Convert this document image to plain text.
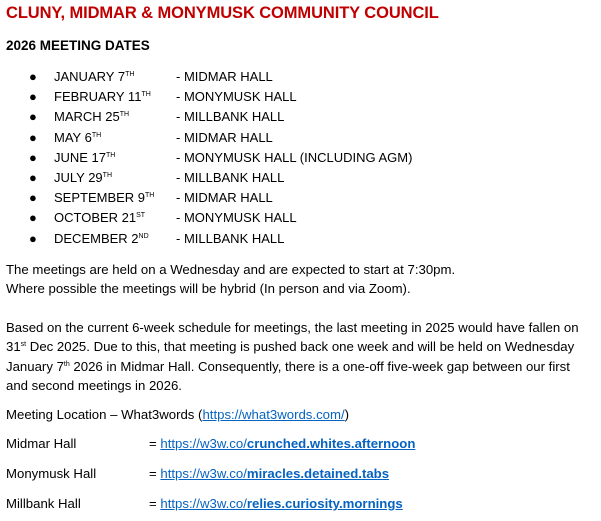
CLUNY, MIDMAR & MONYMUSK COMMUNITY COUNCIL
2026 MEETING DATES
● JANUARY 7TH	- MIDMAR HALL
● FEBRUARY 11TH - MONYMUSK HALL
● MARCH 25TH	- MILLBANK HALL
● MAY 6TH	- MIDMAR HALL
● JUNE 17TH	- MONYMUSK HALL (INCLUDING AGM)
● JULY 29TH	- MILLBANK HALL
● SEPTEMBER 9TH - MIDMAR HALL
● OCTOBER 21ST - MONYMUSK HALL
● DECEMBER 2ND - MILLBANK HALL
The meetings are held on a Wednesday and are expected to start at 7:30pm.
Where possible the meetings will be hybrid (In person and via Zoom).
Based on the current 6-week schedule for meetings, the last meeting in 2025 would have fallen on
31st Dec 2025. Due to this, that meeting is pushed back one week and will be held on Wednesday
January 7th 2026 in Midmar Hall. Consequently, there is a one-off five-week gap between our first
and second meetings in 2026.
Meeting Location – What3words (https://what3words.com/)
Midmar Hall	= https://w3w.co/crunched.whites.afternoon
Monymusk Hall	= https://w3w.co/miracles.detained.tabs
Millbank Hall	= https://w3w.co/relies.curiosity.mornings
